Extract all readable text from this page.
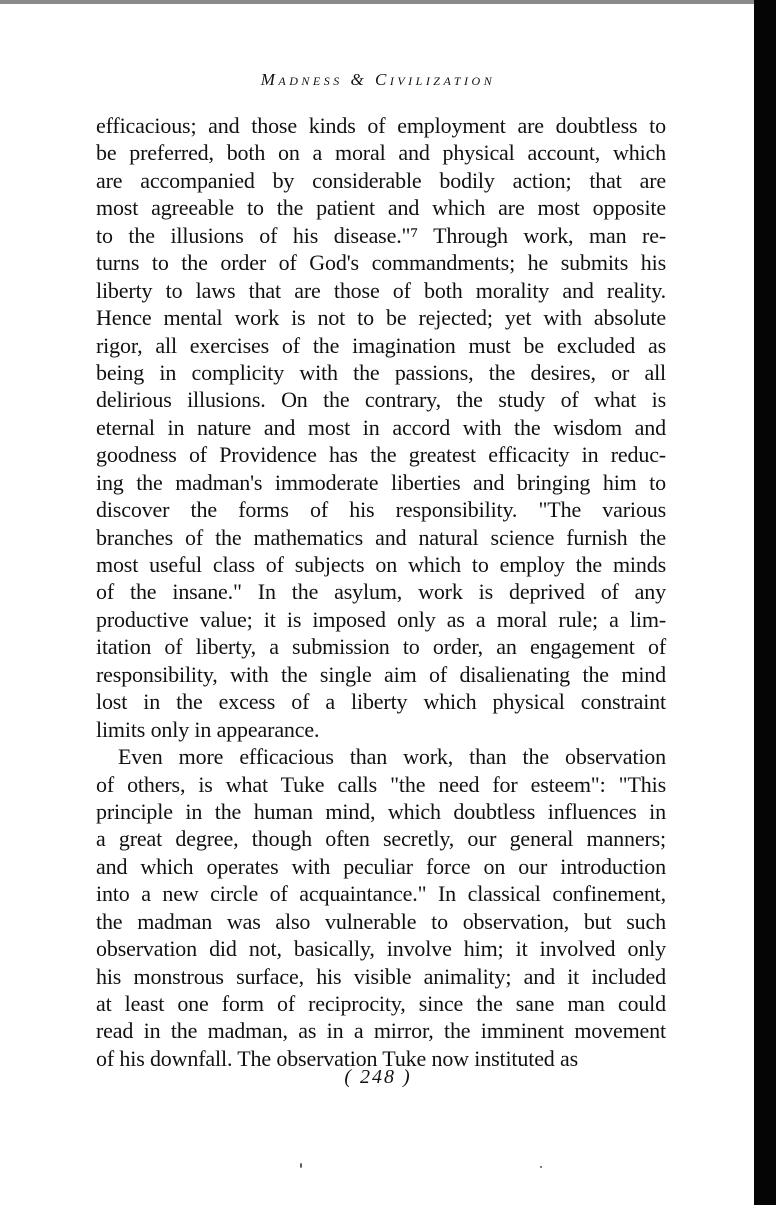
Madness & Civilization
efficacious; and those kinds of employment are doubtless to
be preferred, both on a moral and physical account, which
are accompanied by considerable bodily action; that are
most agreeable to the patient and which are most opposite
to the illusions of his disease."⁷ Through work, man re-
turns to the order of God's commandments; he submits his
liberty to laws that are those of both morality and reality.
Hence mental work is not to be rejected; yet with absolute
rigor, all exercises of the imagination must be excluded as
being in complicity with the passions, the desires, or all
delirious illusions. On the contrary, the study of what is
eternal in nature and most in accord with the wisdom and
goodness of Providence has the greatest efficacity in reduc-
ing the madman's immoderate liberties and bringing him to
discover the forms of his responsibility. "The various
branches of the mathematics and natural science furnish the
most useful class of subjects on which to employ the minds
of the insane." In the asylum, work is deprived of any
productive value; it is imposed only as a moral rule; a lim-
itation of liberty, a submission to order, an engagement of
responsibility, with the single aim of disalienating the mind
lost in the excess of a liberty which physical constraint
limits only in appearance.
Even more efficacious than work, than the observation
of others, is what Tuke calls "the need for esteem": "This
principle in the human mind, which doubtless influences in
a great degree, though often secretly, our general manners;
and which operates with peculiar force on our introduction
into a new circle of acquaintance." In classical confinement,
the madman was also vulnerable to observation, but such
observation did not, basically, involve him; it involved only
his monstrous surface, his visible animality; and it included
at least one form of reciprocity, since the sane man could
read in the madman, as in a mirror, the imminent movement
of his downfall. The observation Tuke now instituted as
( 248 )
